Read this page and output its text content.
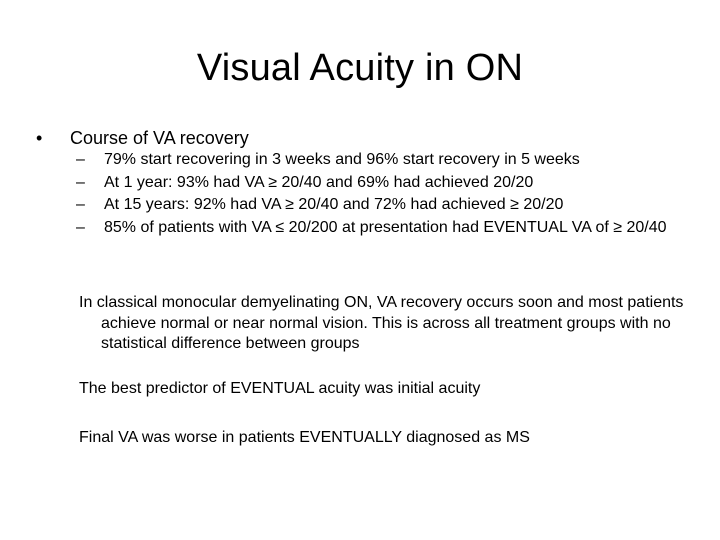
Visual Acuity in ON
•	Course of VA recovery
– 79% start recovering in 3 weeks and 96% start recovery in 5 weeks
– At 1 year: 93% had VA ≥ 20/40 and 69% had achieved 20/20
– At 15 years: 92% had VA ≥ 20/40 and 72% had achieved ≥ 20/20
– 85% of patients with VA ≤ 20/200 at presentation had EVENTUAL VA of ≥ 20/40
In classical monocular demyelinating ON, VA recovery occurs soon and most patients achieve normal or near normal vision. This is across all treatment groups with no statistical difference between groups
The best predictor of EVENTUAL acuity was initial acuity
Final VA was worse in patients EVENTUALLY diagnosed as MS
